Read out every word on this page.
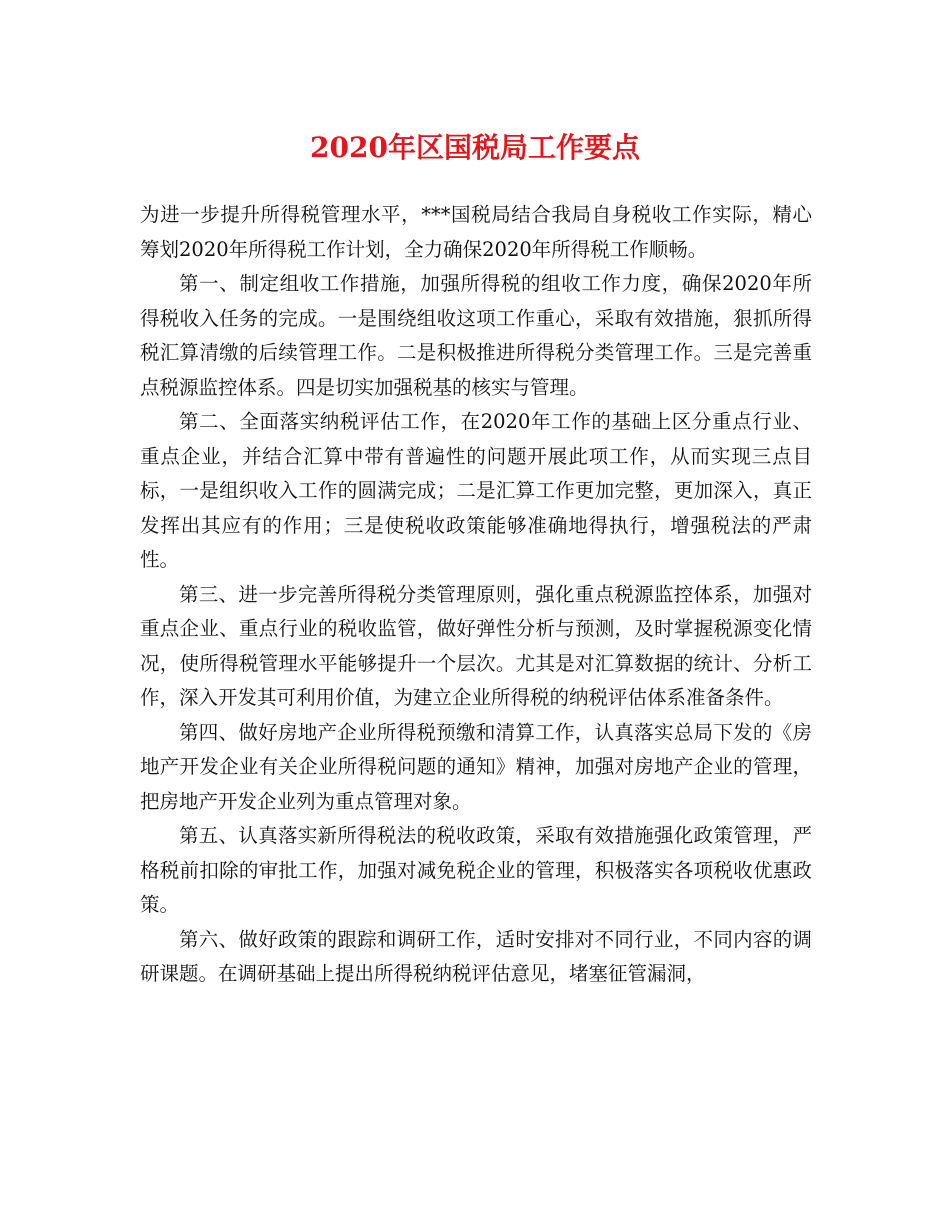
2020年区国税局工作要点

为进一步提升所得税管理水平，***国税局结合我局自身税收工作实际，精心筹划2020年所得税工作计划，全力确保2020年所得税工作顺畅。

第一、制定组收工作措施，加强所得税的组收工作力度，确保2020年所得税收入任务的完成。一是围绕组收这项工作重心，采取有效措施，狠抓所得税汇算清缴的后续管理工作。二是积极推进所得税分类管理工作。三是完善重点税源监控体系。四是切实加强税基的核实与管理。

第二、全面落实纳税评估工作，在2020年工作的基础上区分重点行业、重点企业，并结合汇算中带有普遍性的问题开展此项工作，从而实现三点目标，一是组织收入工作的圆满完成；二是汇算工作更加完整，更加深入，真正发挥出其应有的作用；三是使税收政策能够准确地得执行，增强税法的严肃性。

第三、进一步完善所得税分类管理原则，强化重点税源监控体系，加强对重点企业、重点行业的税收监管，做好弹性分析与预测，及时掌握税源变化情况，使所得税管理水平能够提升一个层次。尤其是对汇算数据的统计、分析工作，深入开发其可利用价值，为建立企业所得税的纳税评估体系准备条件。

第四、做好房地产企业所得税预缴和清算工作，认真落实总局下发的《房地产开发企业有关企业所得税问题的通知》精神，加强对房地产企业的管理，把房地产开发企业列为重点管理对象。

第五、认真落实新所得税法的税收政策，采取有效措施强化政策管理，严格税前扣除的审批工作，加强对减免税企业的管理，积极落实各项税收优惠政策。

第六、做好政策的跟踪和调研工作，适时安排对不同行业，不同内容的调研课题。在调研基础上提出所得税纳税评估意见，堵塞征管漏洞，
